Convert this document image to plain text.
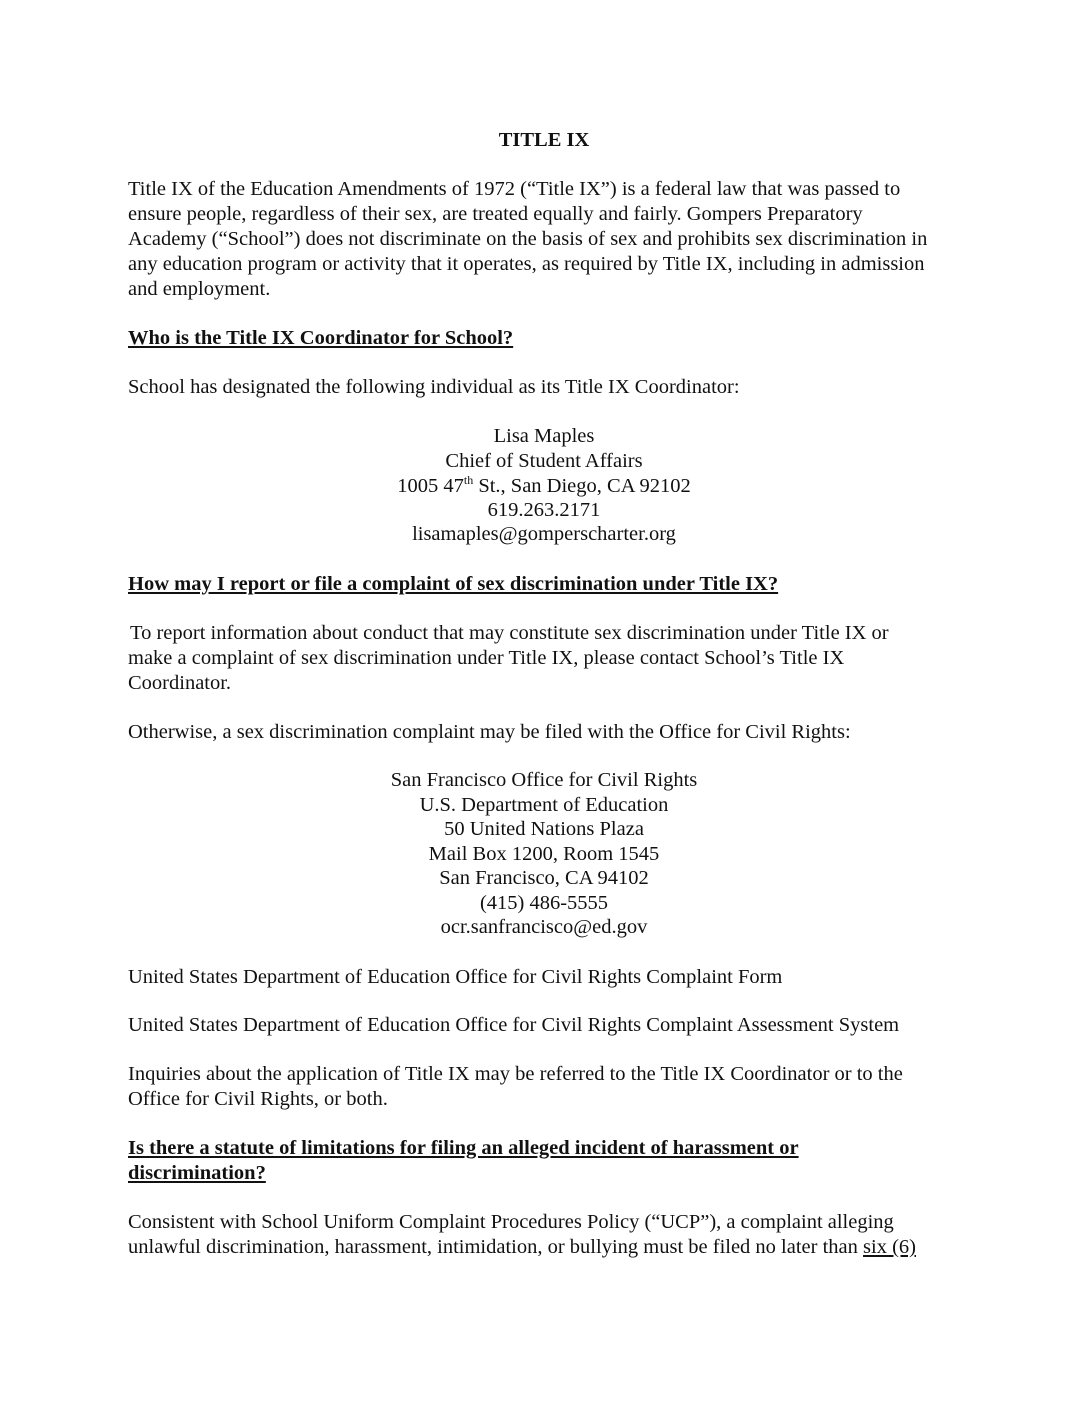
TITLE IX

Title IX of the Education Amendments of 1972 (“Title IX”) is a federal law that was passed to

ensure people, regardless of their sex, are treated equally and fairly. Gompers Preparatory

Academy (“School”) does not discriminate on the basis of sex and prohibits sex discrimination in

any education program or activity that it operates, as required by Title IX, including in admission

and employment.

Who is the Title IX Coordinator for School?

School has designated the following individual as its Title IX Coordinator:

Lisa Maples

Chief of Student Affairs

1005 47th St., San Diego, CA 92102

619.263.2171

lisamaples@gomperscharter.org

How may I report or file a complaint of sex discrimination under Title IX?

To report information about conduct that may constitute sex discrimination under Title IX or

make a complaint of sex discrimination under Title IX, please contact School’s Title IX

Coordinator.

Otherwise, a sex discrimination complaint may be filed with the Office for Civil Rights:

San Francisco Office for Civil Rights

U.S. Department of Education

50 United Nations Plaza

Mail Box 1200, Room 1545

San Francisco, CA 94102

(415) 486-5555

ocr.sanfrancisco@ed.gov

United States Department of Education Office for Civil Rights Complaint Form

United States Department of Education Office for Civil Rights Complaint Assessment System

Inquiries about the application of Title IX may be referred to the Title IX Coordinator or to the

Office for Civil Rights, or both.

Is there a statute of limitations for filing an alleged incident of harassment or

discrimination?

Consistent with School Uniform Complaint Procedures Policy (“UCP”), a complaint alleging

unlawful discrimination, harassment, intimidation, or bullying must be filed no later than six (6)
